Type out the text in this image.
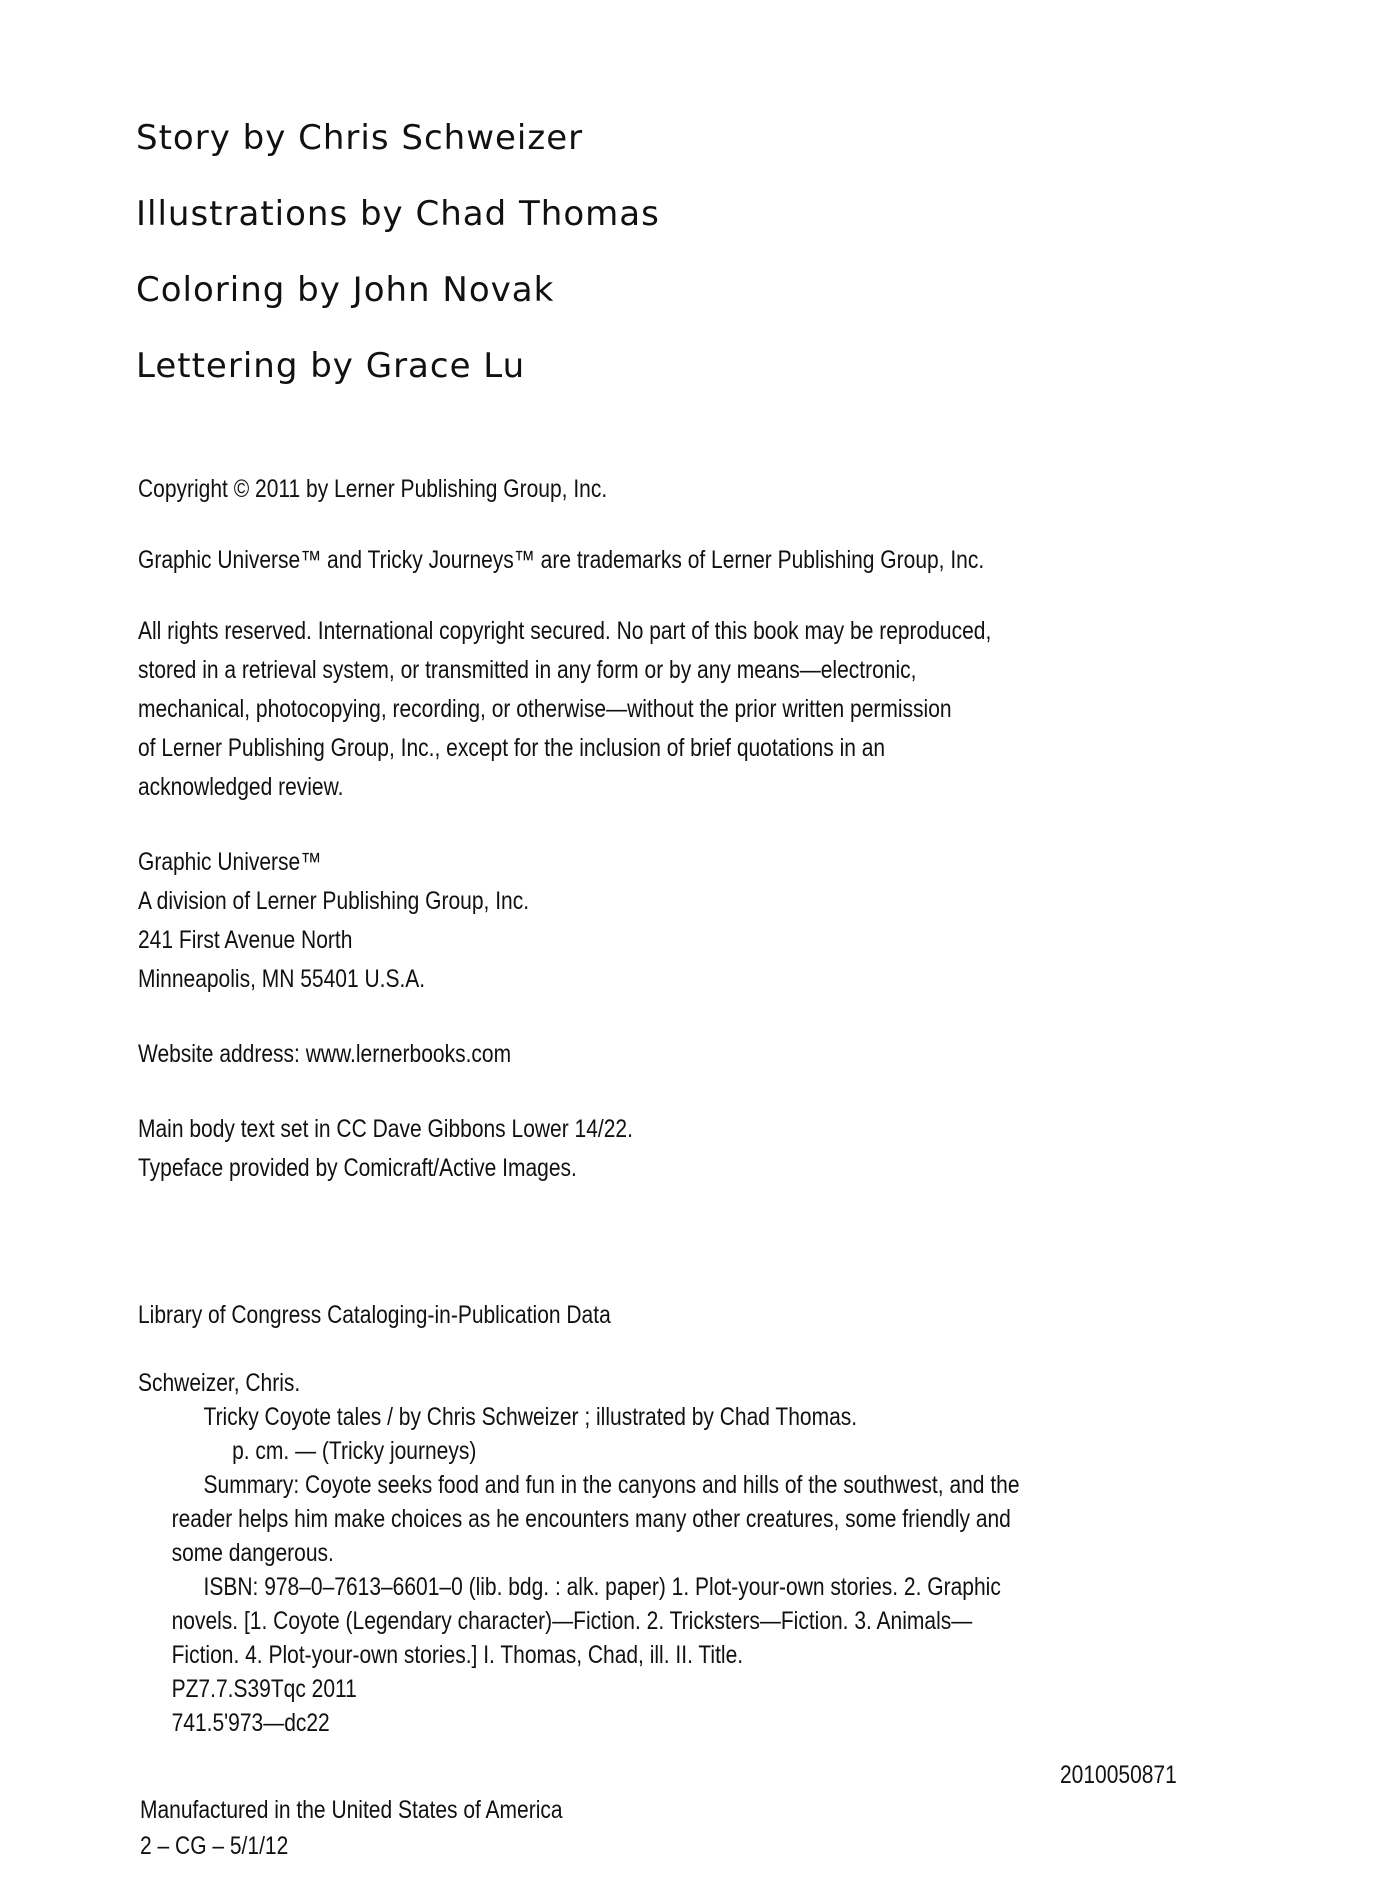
Story by Chris Schweizer
Illustrations by Chad Thomas
Coloring by John Novak
Lettering by Grace Lu

Copyright © 2011 by Lerner Publishing Group, Inc.

Graphic Universe™ and Tricky Journeys™ are trademarks of Lerner Publishing Group, Inc.

All rights reserved. International copyright secured. No part of this book may be reproduced,

stored in a retrieval system, or transmitted in any form or by any means—electronic,

mechanical, photocopying, recording, or otherwise—without the prior written permission

of Lerner Publishing Group, Inc., except for the inclusion of brief quotations in an

acknowledged review.

Graphic Universe™

A division of Lerner Publishing Group, Inc.

241 First Avenue North

Minneapolis, MN 55401 U.S.A.

Website address: www.lernerbooks.com

Main body text set in CC Dave Gibbons Lower 14/22.

Typeface provided by Comicraft/Active Images.

Library of Congress Cataloging-in-Publication Data

Schweizer, Chris.

Tricky Coyote tales / by Chris Schweizer ; illustrated by Chad Thomas.

p. cm. — (Tricky journeys)

Summary: Coyote seeks food and fun in the canyons and hills of the southwest, and the

reader helps him make choices as he encounters many other creatures, some friendly and

some dangerous.

ISBN: 978–0–7613–6601–0 (lib. bdg. : alk. paper) 1. Plot-your-own stories. 2. Graphic

novels. [1. Coyote (Legendary character)—Fiction. 2. Tricksters—Fiction. 3. Animals—

Fiction. 4. Plot-your-own stories.] I. Thomas, Chad, ill. II. Title.

PZ7.7.S39Tqc 2011

741.5'973—dc22

2010050871

Manufactured in the United States of America

2 – CG – 5/1/12
